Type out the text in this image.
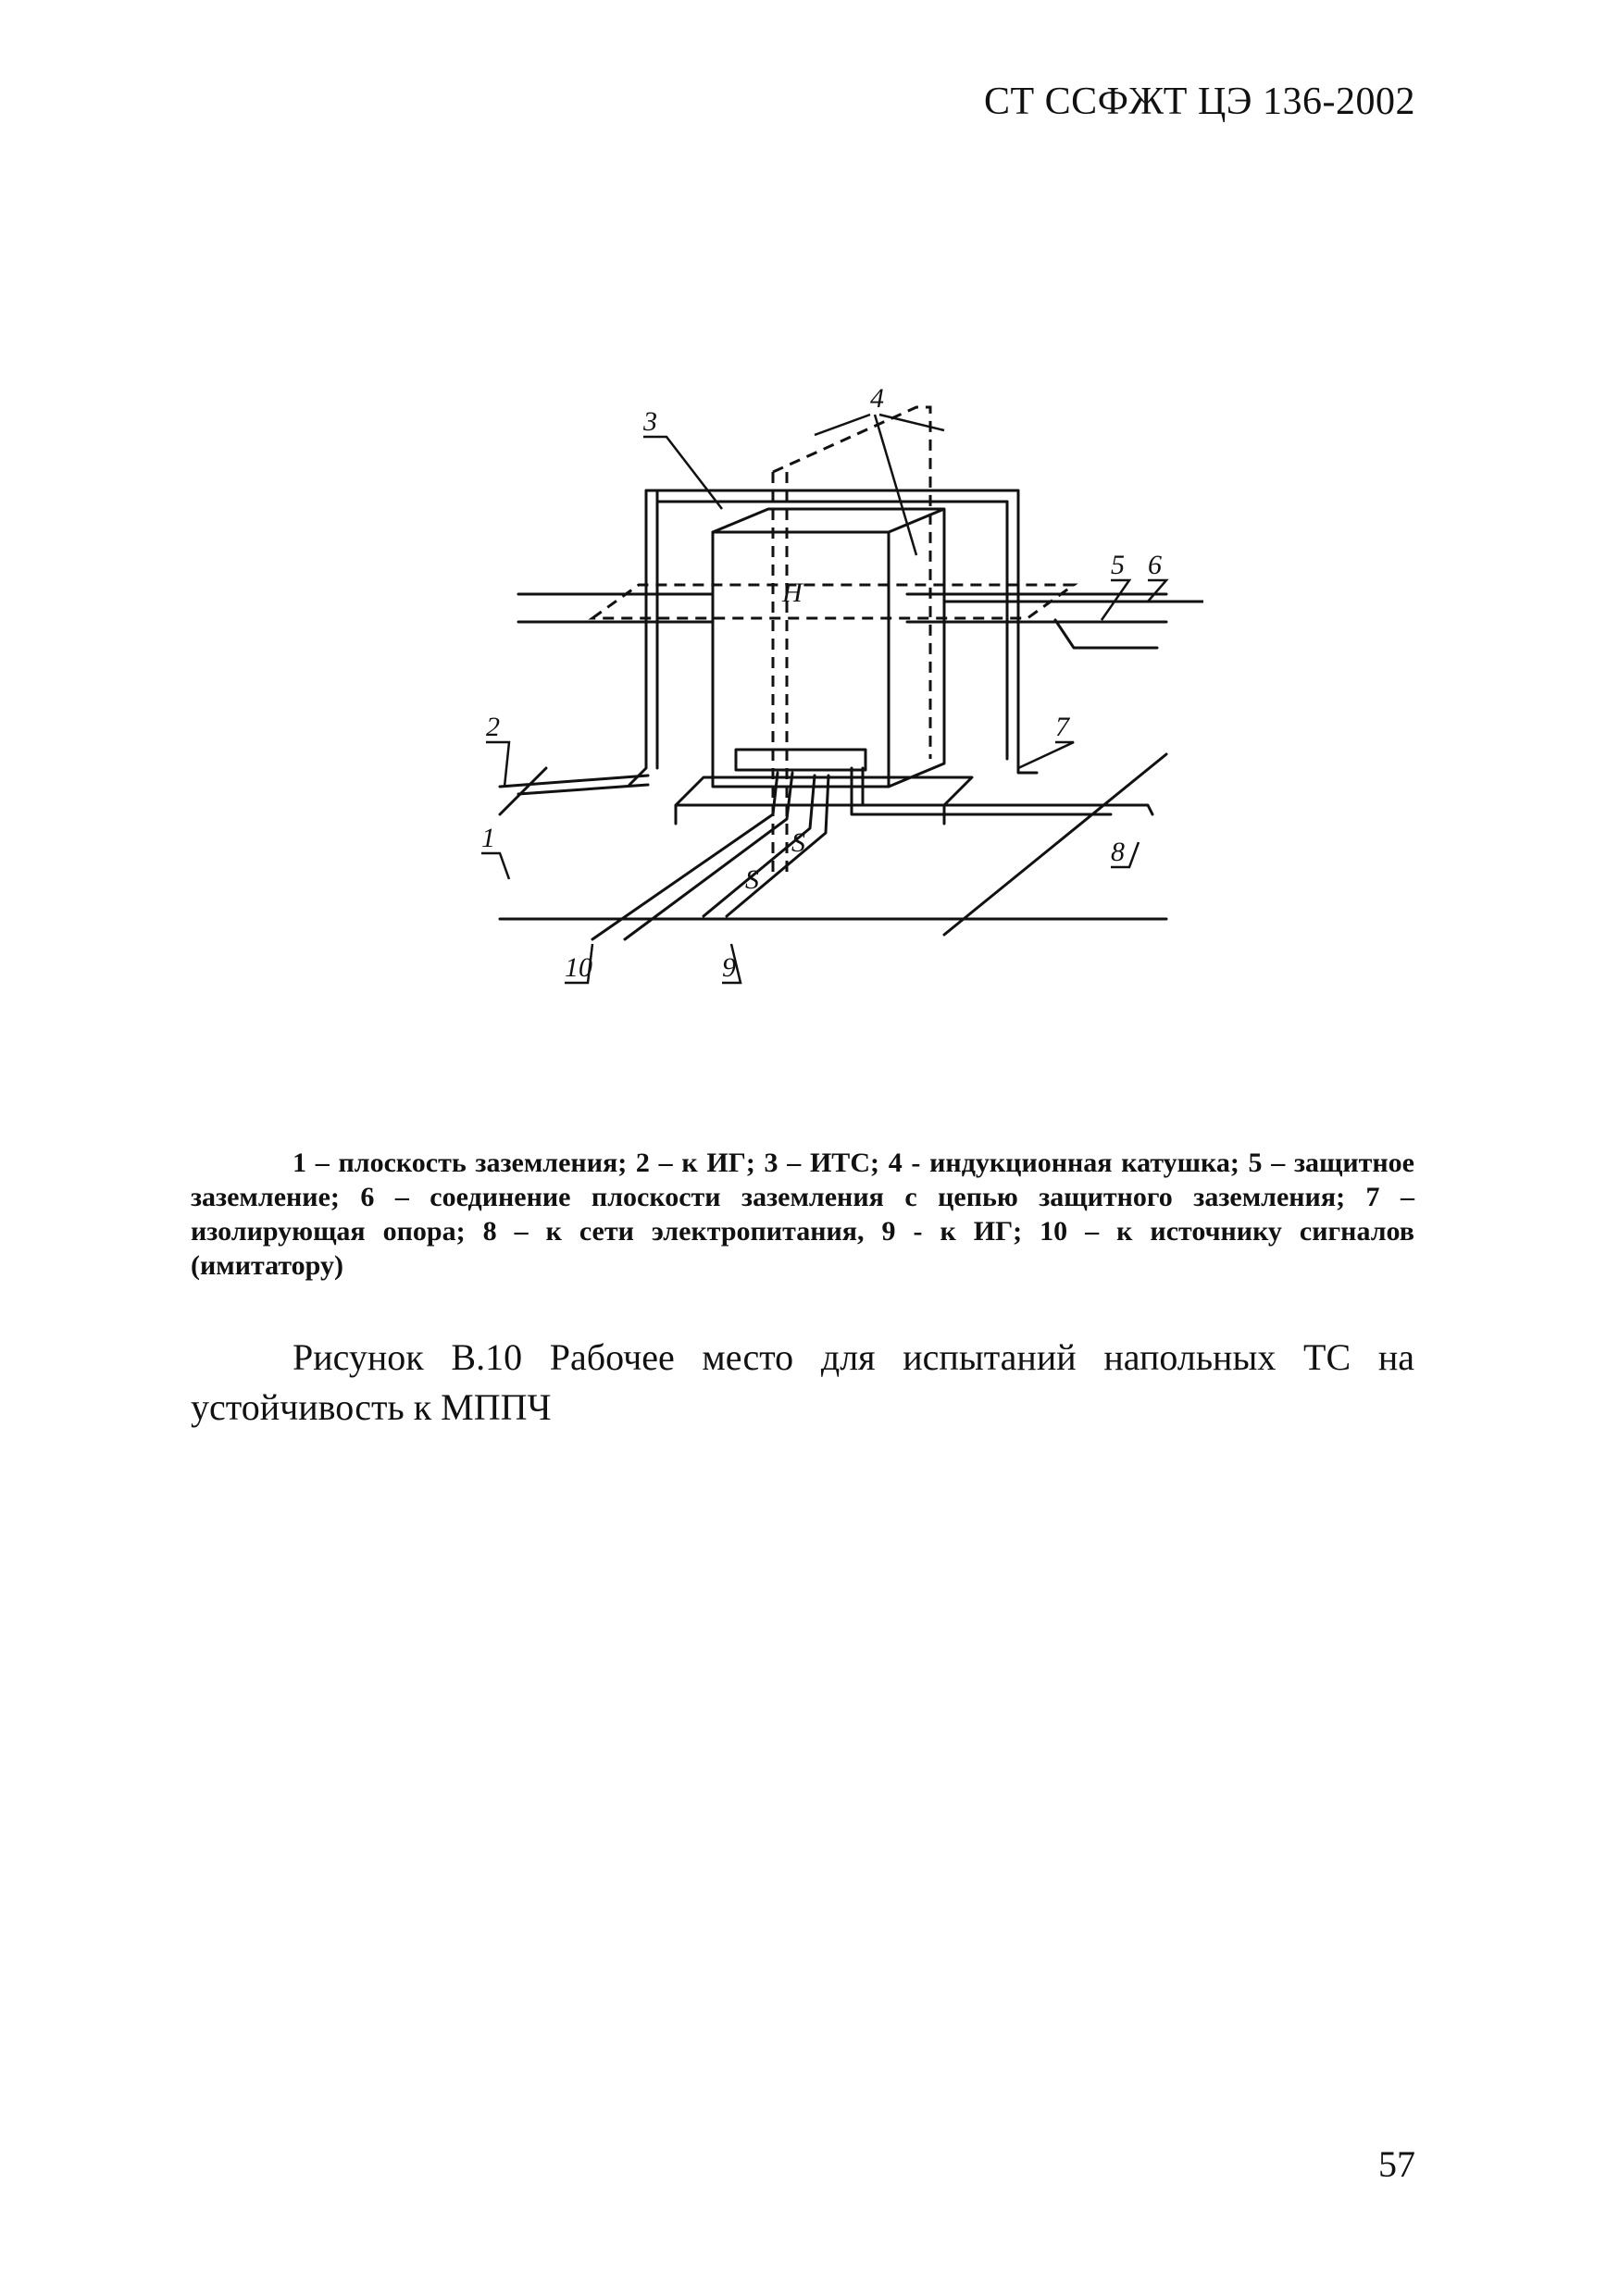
СТ ССФЖТ ЦЭ 136-2002
3
4
5 6
2	7
1	8
10	9
S
S
H
1 – плоскость заземления; 2 – к ИГ; 3 – ИТС; 4 - индукционная катушка; 5 – защитное заземление; 6 – соединение плоскости заземления с цепью защитного заземления; 7 – изолирующая опора; 8 – к сети электропитания, 9 - к ИГ; 10 – к источнику сигналов (имитатору)
Рисунок В.10 Рабочее место для испытаний напольных ТС на устойчивость к МППЧ
57
